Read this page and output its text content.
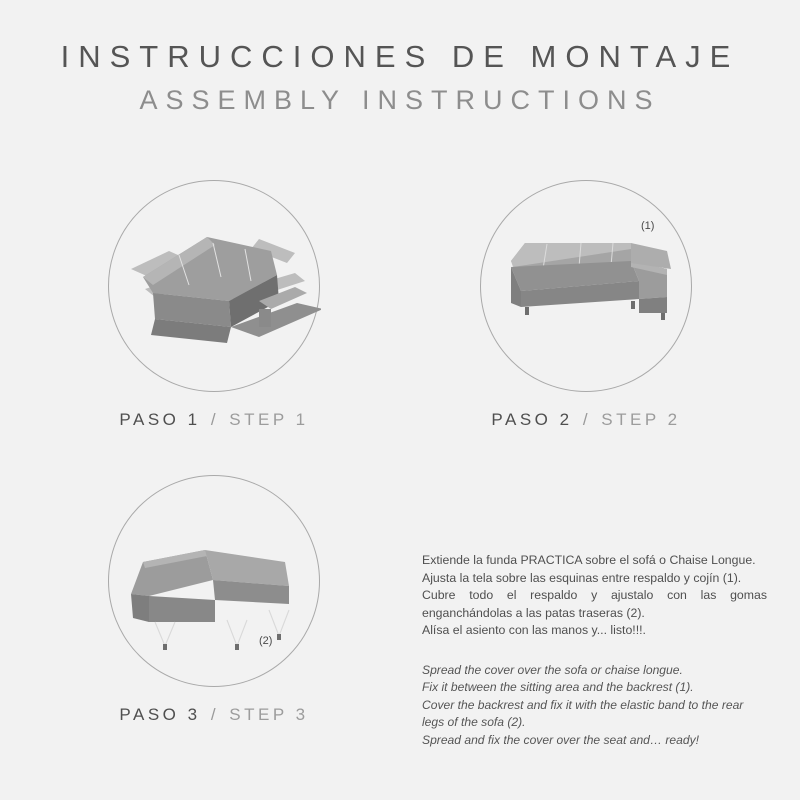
INSTRUCCIONES DE MONTAJE
ASSEMBLY INSTRUCTIONS
PASO 1 / STEP 1
(1)
PASO 2 / STEP 2
(2)
PASO 3 / STEP 3

Extiende la funda PRACTICA sobre el sofá o Chaise Longue.

Ajusta la tela sobre las esquinas entre respaldo y cojín (1).

Cubre todo el respaldo y ajustalo con las gomas enganchándolas a las patas traseras (2).

Alísa el asiento con las manos y... listo!!!.

Spread the cover over the sofa or chaise longue.

Fix it between the sitting area and the backrest (1).

Cover the backrest and fix it with the elastic band to the rear legs of the sofa (2).

Spread and fix the cover over the seat and… ready!
